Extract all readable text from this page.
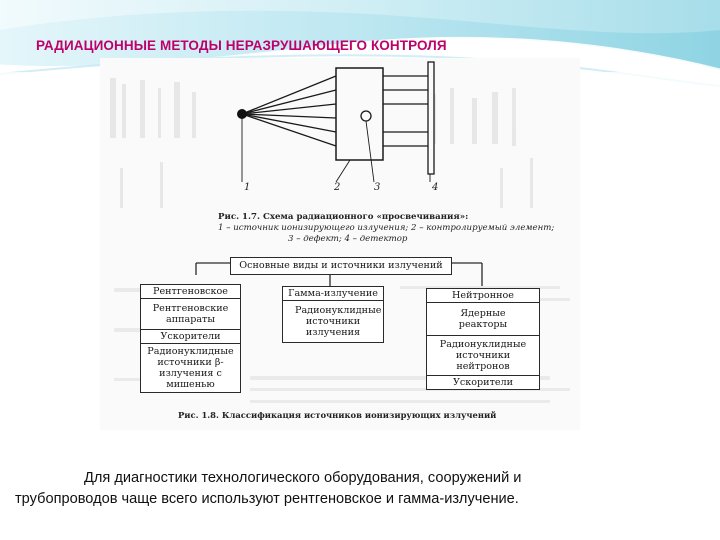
РАДИАЦИОННЫЕ МЕТОДЫ НЕРАЗРУШАЮЩЕГО КОНТРОЛЯ
1	2	3	4
Рис. 1.7. Схема радиационного «просвечивания»:
1 – источник ионизирующего излучения; 2 – контролируемый элемент;
3 – дефект; 4 – детектор
Основные виды и источники излучений
Рентгеновское
Рентгеновские аппараты
Ускорители
Радионуклидные источники β-излучения с мишенью
Гамма-излучение
Радионуклидные источники излучения
Нейтронное
Ядерные реакторы
Радионуклидные источники нейтронов
Ускорители
Рис. 1.8. Классификация источников ионизирующих излучений
Для диагностики технологического оборудования, сооружений и
трубопроводов чаще всего используют рентгеновское и гамма-излучение.
